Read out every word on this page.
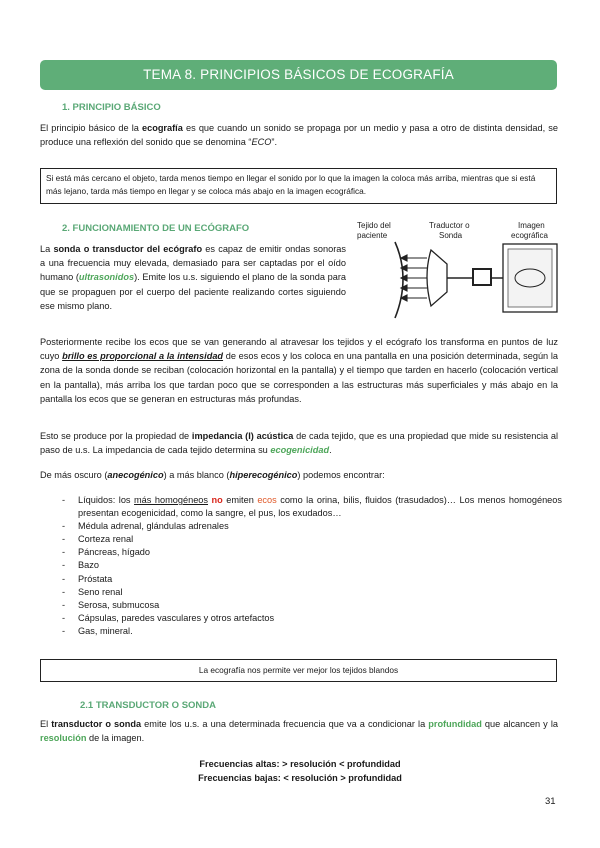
TEMA 8. PRINCIPIOS BÁSICOS DE ECOGRAFÍA
1. PRINCIPIO BÁSICO
El principio básico de la ecografía es que cuando un sonido se propaga por un medio y pasa a otro de distinta densidad, se produce una reflexión del sonido que se denomina “ECO”.
Si está más cercano el objeto, tarda menos tiempo en llegar el sonido por lo que la imagen la coloca más arriba, mientras que si está más lejano, tarda más tiempo en llegar y se coloca más abajo en la imagen ecográfica.
2. FUNCIONAMIENTO DE UN ECÓGRAFO
La sonda o transductor del ecógrafo es capaz de emitir ondas sonoras a una frecuencia muy elevada, demasiado para ser captadas por el oído humano (ultrasonidos). Emite los u.s. siguiendo el plano de la sonda para que se propaguen por el cuerpo del paciente realizando cortes siguiendo ese mismo plano.
Tejido del
paciente
Traductor o
Sonda
Imagen
ecográfica
Posteriormente recibe los ecos que se van generando al atravesar los tejidos y el ecógrafo los transforma en puntos de luz cuyo brillo es proporcional a la intensidad de esos ecos y los coloca en una pantalla en una posición determinada, según la zona de la sonda donde se reciban (colocación horizontal en la pantalla) y el tiempo que tarden en hacerlo (colocación vertical en la pantalla), más arriba los que tardan poco que se corresponden a las estructuras más superficiales y más abajo en la pantalla los ecos que se generan en estructuras más profundas.
Esto se produce por la propiedad de impedancia (I) acústica de cada tejido, que es una propiedad que mide su resistencia al paso de u.s. La impedancia de cada tejido determina su ecogenicidad.
De más oscuro (anecogénico) a más blanco (hiperecogénico) podemos encontrar:
- Líquidos: los más homogéneos no emiten ecos como la orina, bilis, fluidos (trasudados)… Los menos homogéneos presentan ecogenicidad, como la sangre, el pus, los exudados…
- Médula adrenal, glándulas adrenales
- Corteza renal
- Páncreas, hígado
- Bazo
- Próstata
- Seno renal
- Serosa, submucosa
- Cápsulas, paredes vasculares y otros artefactos
- Gas, mineral.
La ecografía nos permite ver mejor los tejidos blandos
2.1 TRANSDUCTOR O SONDA
El transductor o sonda emite los u.s. a una determinada frecuencia que va a condicionar la profundidad que alcancen y la resolución de la imagen.
Frecuencias altas: > resolución < profundidad
Frecuencias bajas: < resolución > profundidad
31
